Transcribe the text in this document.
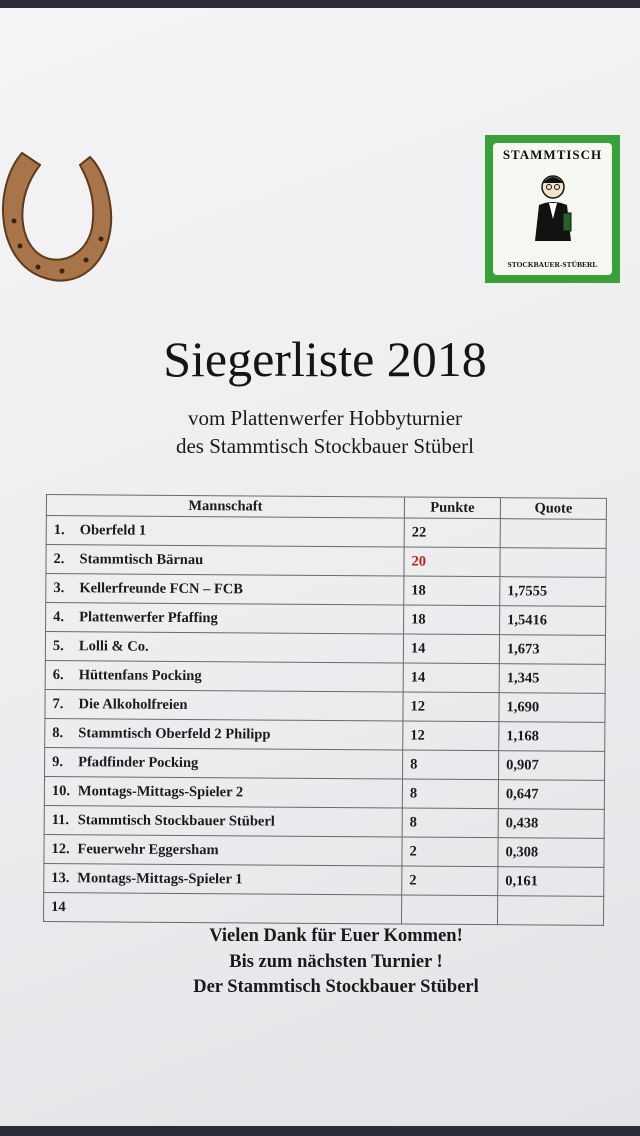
STAMMTISCH
STOCKBAUER-STÜBERL
Siegerliste 2018
vom Plattenwerfer Hobbyturnier
des Stammtisch Stockbauer Stüberl
Mannschaft	Punkte	Quote
1. Oberfeld 1	22	
2. Stammtisch Bärnau	20	
3. Kellerfreunde FCN – FCB	18	1,7555
4. Plattenwerfer Pfaffing	18	1,5416
5. Lolli & Co.	14	1,673
6. Hüttenfans Pocking	14	1,345
7. Die Alkoholfreien	12	1,690
8. Stammtisch Oberfeld 2 Philipp	12	1,168
9. Pfadfinder Pocking	8	0,907
10. Montags-Mittags-Spieler 2	8	0,647
11. Stammtisch Stockbauer Stüberl	8	0,438
12. Feuerwehr Eggersham	2	0,308
13. Montags-Mittags-Spieler 1	2	0,161
14		
Vielen Dank für Euer Kommen!
Bis zum nächsten Turnier !
Der Stammtisch Stockbauer Stüberl
